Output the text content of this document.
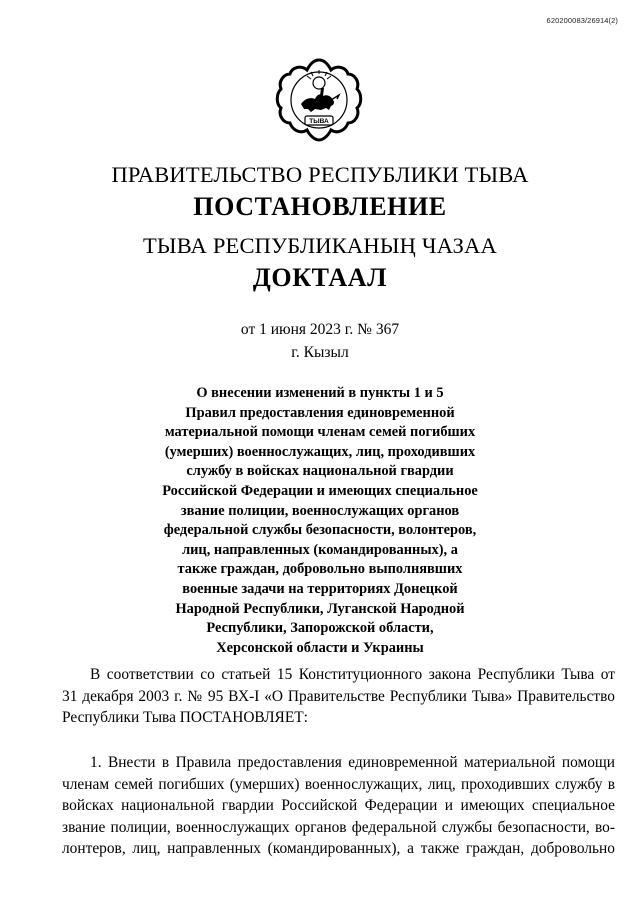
620200083/26914(2)
ТЫВА
ПРАВИТЕЛЬСТВО РЕСПУБЛИКИ ТЫВА
ПОСТАНОВЛЕНИЕ
ТЫВА РЕСПУБЛИКАНЫҢ ЧАЗАА
ДОКТААЛ
от 1 июня 2023 г. № 367
г. Кызыл
О внесении изменений в пункты 1 и 5
Правил предоставления единовременной
материальной помощи членам семей погибших
(умерших) военнослужащих, лиц, проходивших
службу в войсках национальной гвардии
Российской Федерации и имеющих специальное
звание полиции, военнослужащих органов
федеральной службы безопасности, волонтеров,
лиц, направленных (командированных), а
также граждан, добровольно выполнявших
военные задачи на территориях Донецкой
Народной Республики, Луганской Народной
Республики, Запорожской области,
Херсонской области и Украины
В соответствии со статьей 15 Конституционного закона Республики Тыва от
31 декабря 2003 г. № 95 ВХ-I «О Правительстве Республики Тыва» Правительство
Республики Тыва ПОСТАНОВЛЯЕТ:
1. Внести в Правила предоставления единовременной материальной помощи
членам семей погибших (умерших) военнослужащих, лиц, проходивших службу в
войсках национальной гвардии Российской Федерации и имеющих специальное
звание полиции, военнослужащих органов федеральной службы безопасности, во-
лонтеров, лиц, направленных (командированных), а также граждан, добровольно
